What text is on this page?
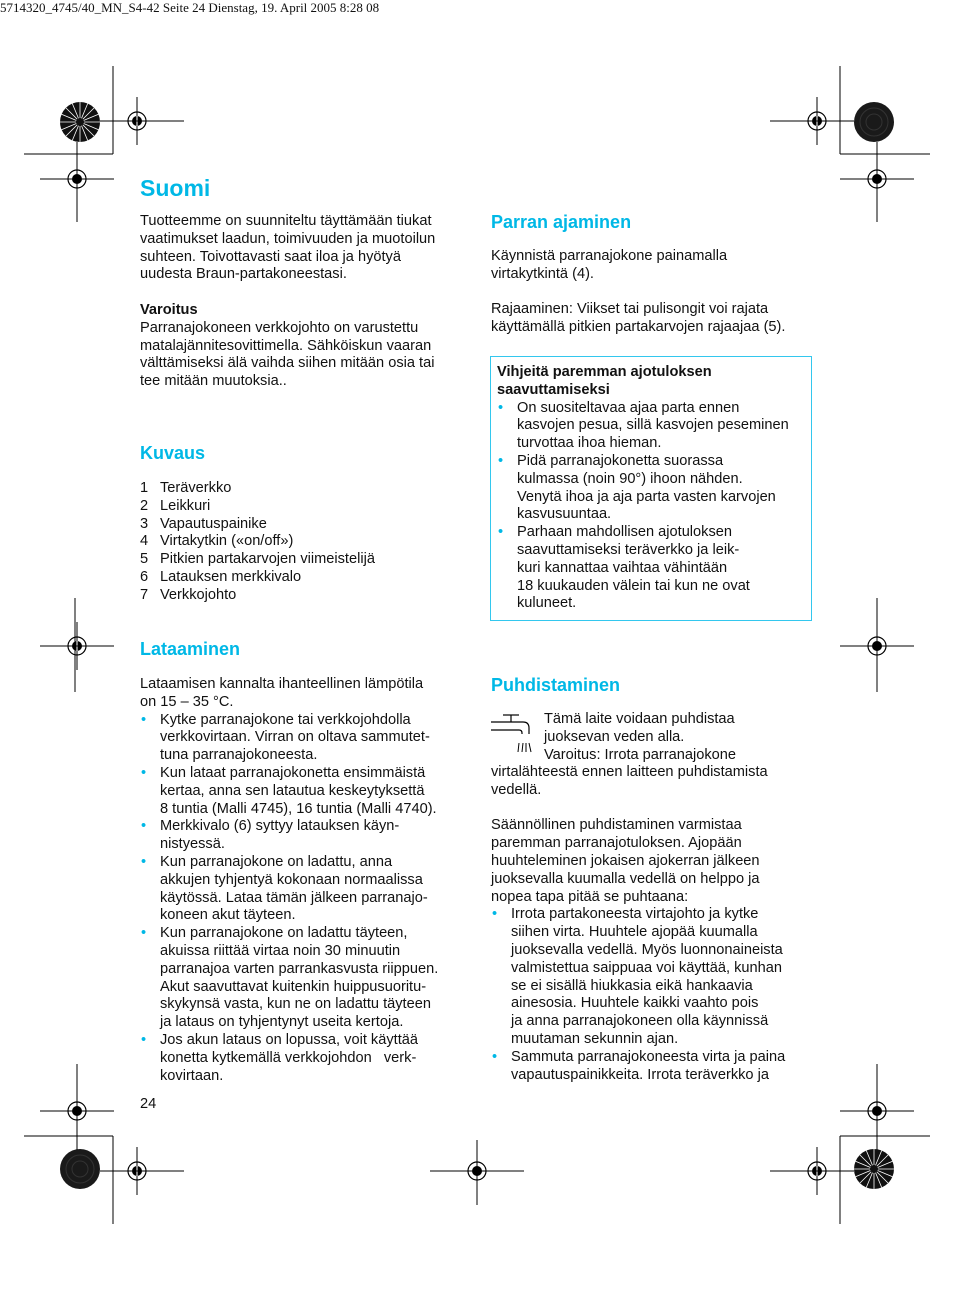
5714320_4745/40_MN_S4-42 Seite 24 Dienstag, 19. April 2005 8:28 08
Suomi

Tuotteemme on suunniteltu täyttämään tiukat

vaatimukset laadun, toimivuuden ja muotoilun

suhteen. Toivottavasti saat iloa ja hyötyä

uudesta Braun-partakoneestasi.

Varoitus

Parranajokoneen verkkojohto on varustettu

matalajännitesovittimella. Sähköiskun vaaran

välttämiseksi älä vaihda siihen mitään osia tai

tee mitään muutoksia..

Kuvaus
1 Teräverkko
2 Leikkuri
3 Vapautuspainike
4 Virtakytkin («on/off»)
5 Pitkien partakarvojen viimeistelijä
6 Latauksen merkkivalo
7 Verkkojohto
Lataaminen

Lataamisen kannalta ihanteellinen lämpötila

on 15 – 35 °C.

• Kytke parranajokone tai verkkojohdolla
verkkovirtaan. Virran on oltava sammutet-
tuna parranajokoneesta.
• Kun lataat parranajokonetta ensimmäistä
kertaa, anna sen latautua keskeytyksettä
8 tuntia (Malli 4745), 16 tuntia (Malli 4740).
• Merkkivalo (6) syttyy latauksen käyn-
nistyessä.
• Kun parranajokone on ladattu, anna
akkujen tyhjentyä kokonaan normaalissa
käytössä. Lataa tämän jälkeen parranajo-
koneen akut täyteen.
• Kun parranajokone on ladattu täyteen,
akuissa riittää virtaa noin 30 minuutin
parranajoa varten parrankasvusta riippuen.
Akut saavuttavat kuitenkin huippusuoritu-
skykynsä vasta, kun ne on ladattu täyteen
ja lataus on tyhjentynyt useita kertoja.
• Jos akun lataus on lopussa, voit käyttää
konetta kytkemällä verkkojohdon   verk-
kovirtaan.
24
Parran ajaminen

Käynnistä parranajokone painamalla

virtakytkintä (4).

Rajaaminen: Viikset tai pulisongit voi rajata

käyttämällä pitkien partakarvojen rajaajaa (5).

Vihjeitä paremman ajotuloksen
saavuttamiseksi
• On suositeltavaa ajaa parta ennen
kasvojen pesua, sillä kasvojen peseminen
turvottaa ihoa hieman.
• Pidä parranajokonetta suorassa
kulmassa (noin 90°) ihoon nähden.
Venytä ihoa ja aja parta vasten karvojen
kasvusuuntaa.
• Parhaan mahdollisen ajotuloksen
saavuttamiseksi teräverkko ja leik-
kuri kannattaa vaihtaa vähintään
18 kuukauden välein tai kun ne ovat
kuluneet.
Puhdistaminen

Tämä laite voidaan puhdistaa

juoksevan veden alla.

Varoitus: Irrota parranajokone

virtalähteestä ennen laitteen puhdistamista

vedellä.

Säännöllinen puhdistaminen varmistaa

paremman parranajotuloksen. Ajopään

huuhteleminen jokaisen ajokerran jälkeen

juoksevalla kuumalla vedellä on helppo ja

nopea tapa pitää se puhtaana:

• Irrota partakoneesta virtajohto ja kytke
siihen virta. Huuhtele ajopää kuumalla
juoksevalla vedellä. Myös luonnonaineista
valmistettua saippuaa voi käyttää, kunhan
se ei sisällä hiukkasia eikä hankaavia
ainesosia. Huuhtele kaikki vaahto pois
ja anna parranajokoneen olla käynnissä
muutaman sekunnin ajan.
• Sammuta parranajokoneesta virta ja paina
vapautuspainikkeita. Irrota teräverkko ja
